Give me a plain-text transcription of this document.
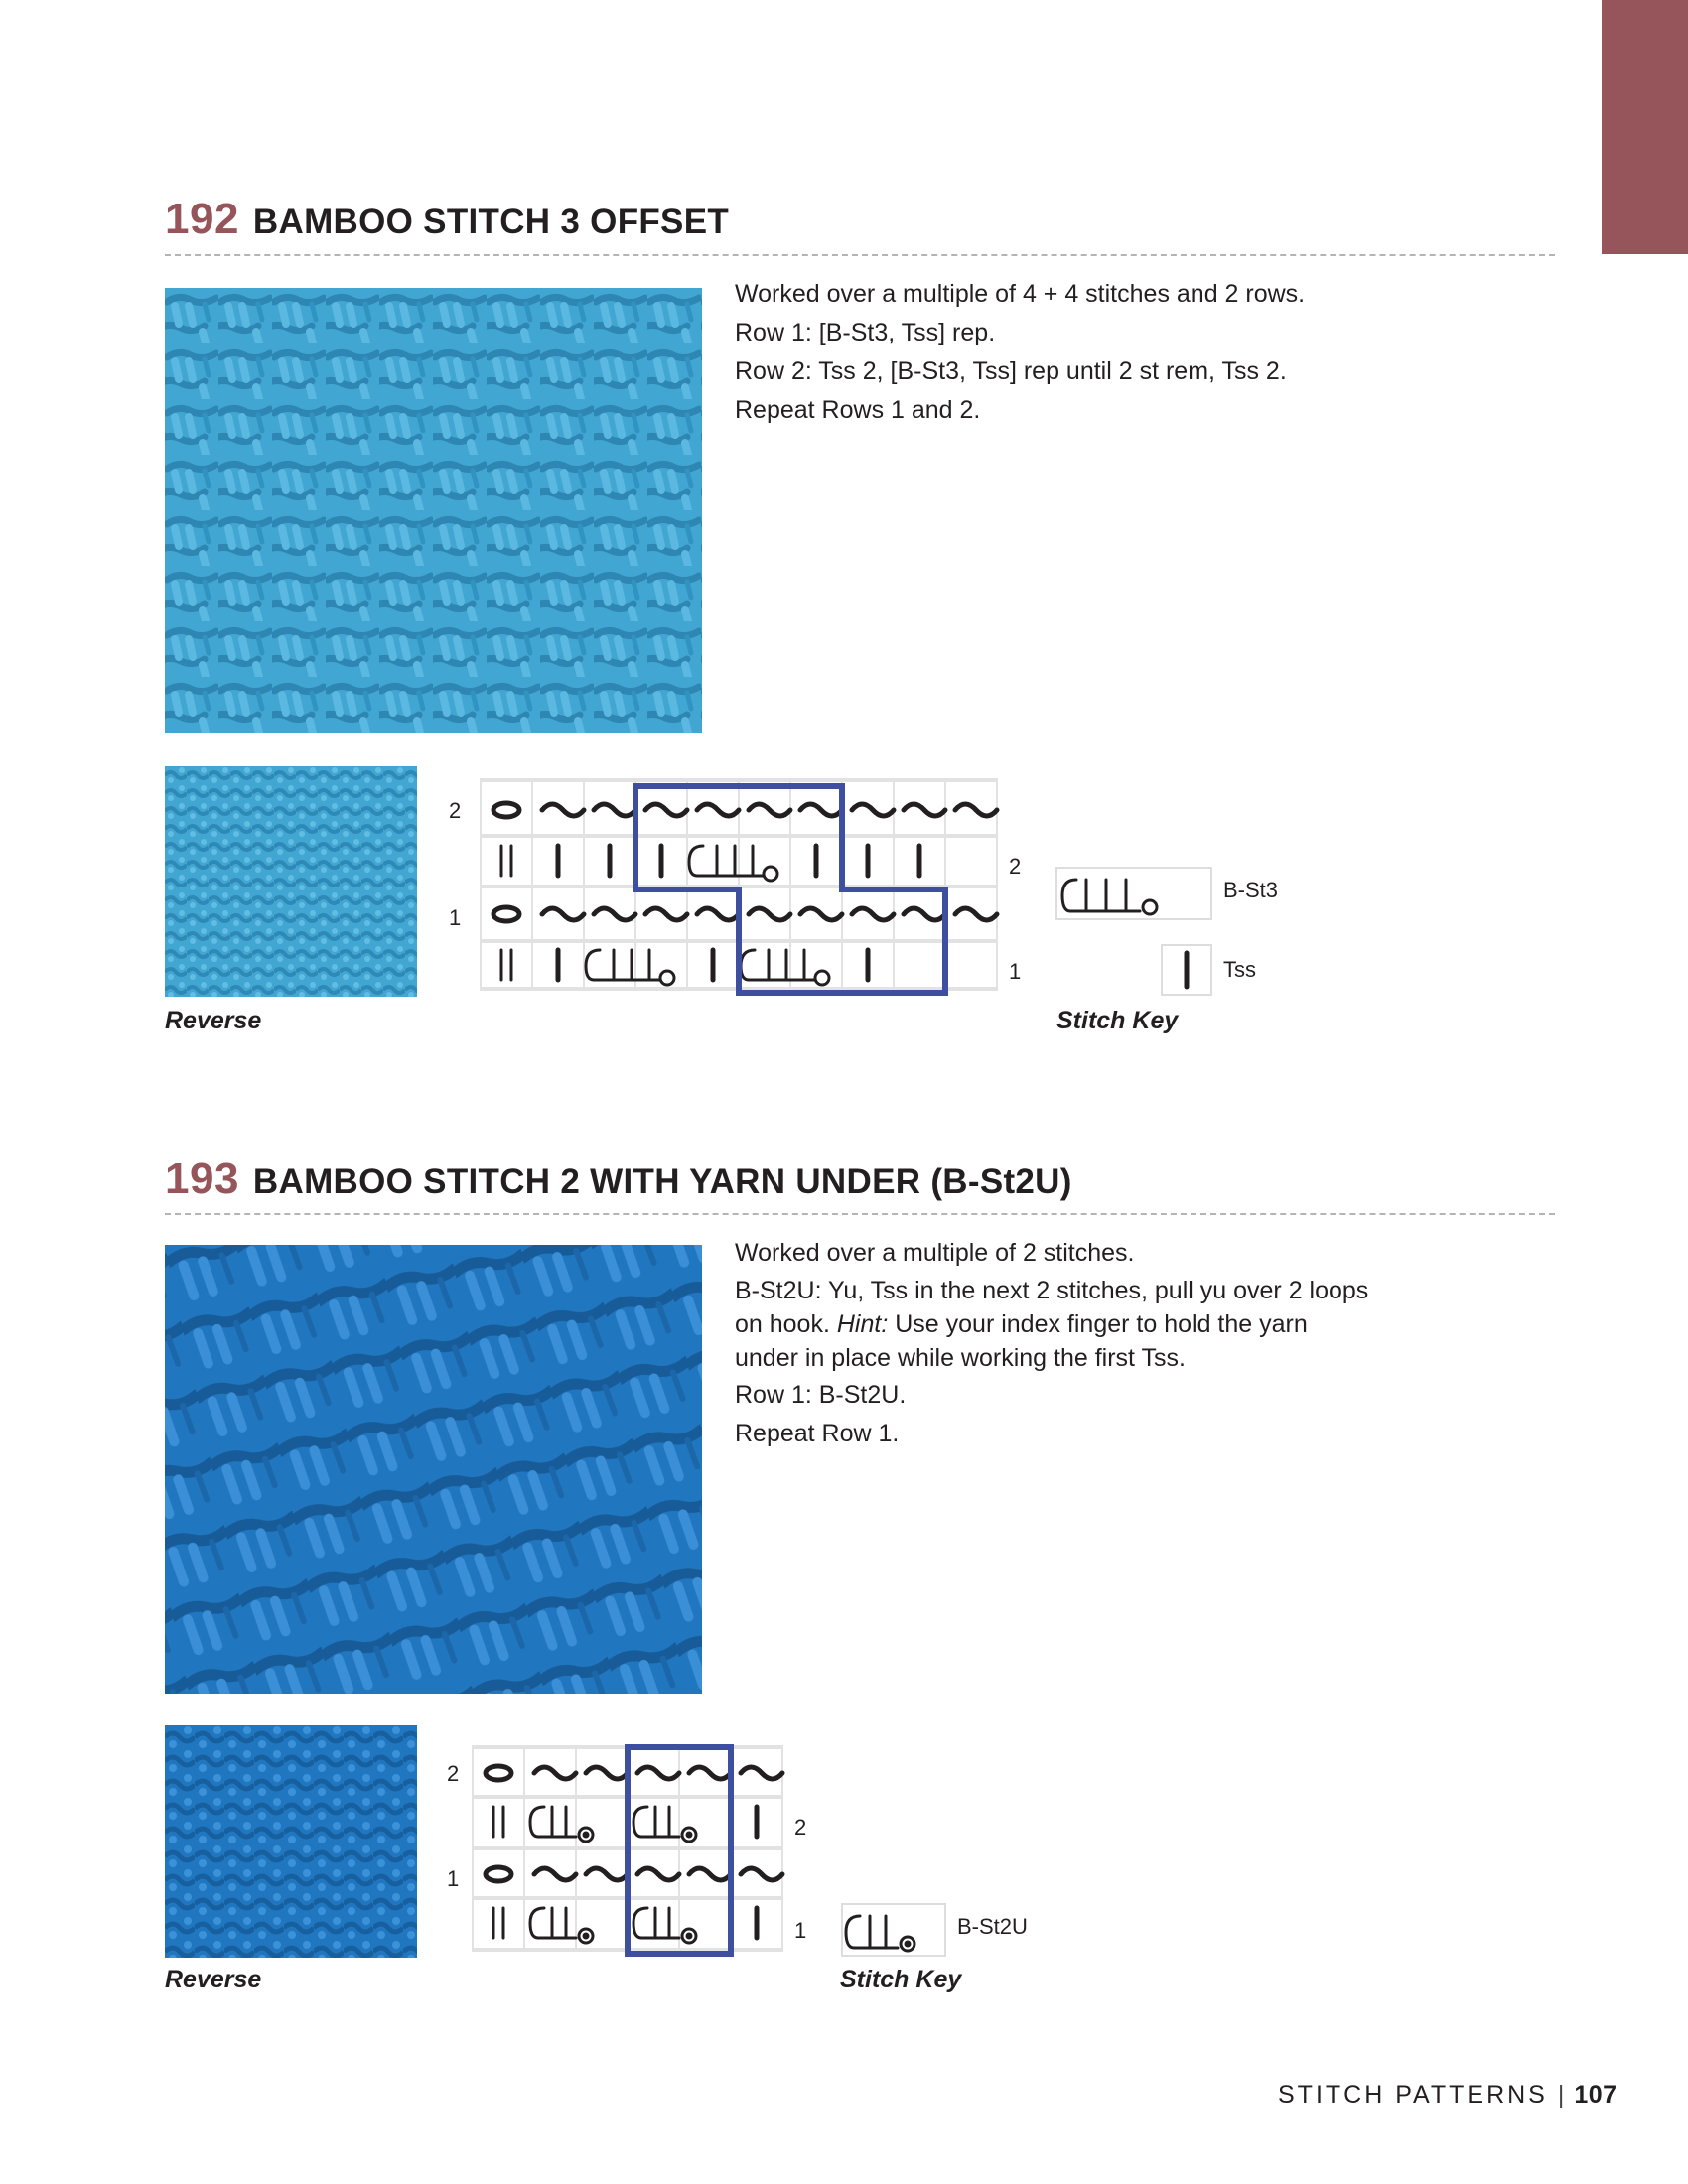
192 BAMBOO STITCH 3 OFFSET

Worked over a multiple of 4 + 4 stitches and 2 rows.

Row 1: [B-St3, Tss] rep.

Row 2: Tss 2, [B-St3, Tss] rep until 2 st rem, Tss 2.

Repeat Rows 1 and 2.

Reverse
2
1
2
1
B-St3
Tss
Stitch Key
193 BAMBOO STITCH 2 WITH YARN UNDER (B-St2U)

Worked over a multiple of 2 stitches.

B-St2U: Yu, Tss in the next 2 stitches, pull yu over 2 loops on hook. Hint: Use your index finger to hold the yarn under in place while working the first Tss.

Row 1: B-St2U.

Repeat Row 1.

Reverse
2
1
2
1	B-St2U
Stitch Key
STITCH PATTERNS | 107
